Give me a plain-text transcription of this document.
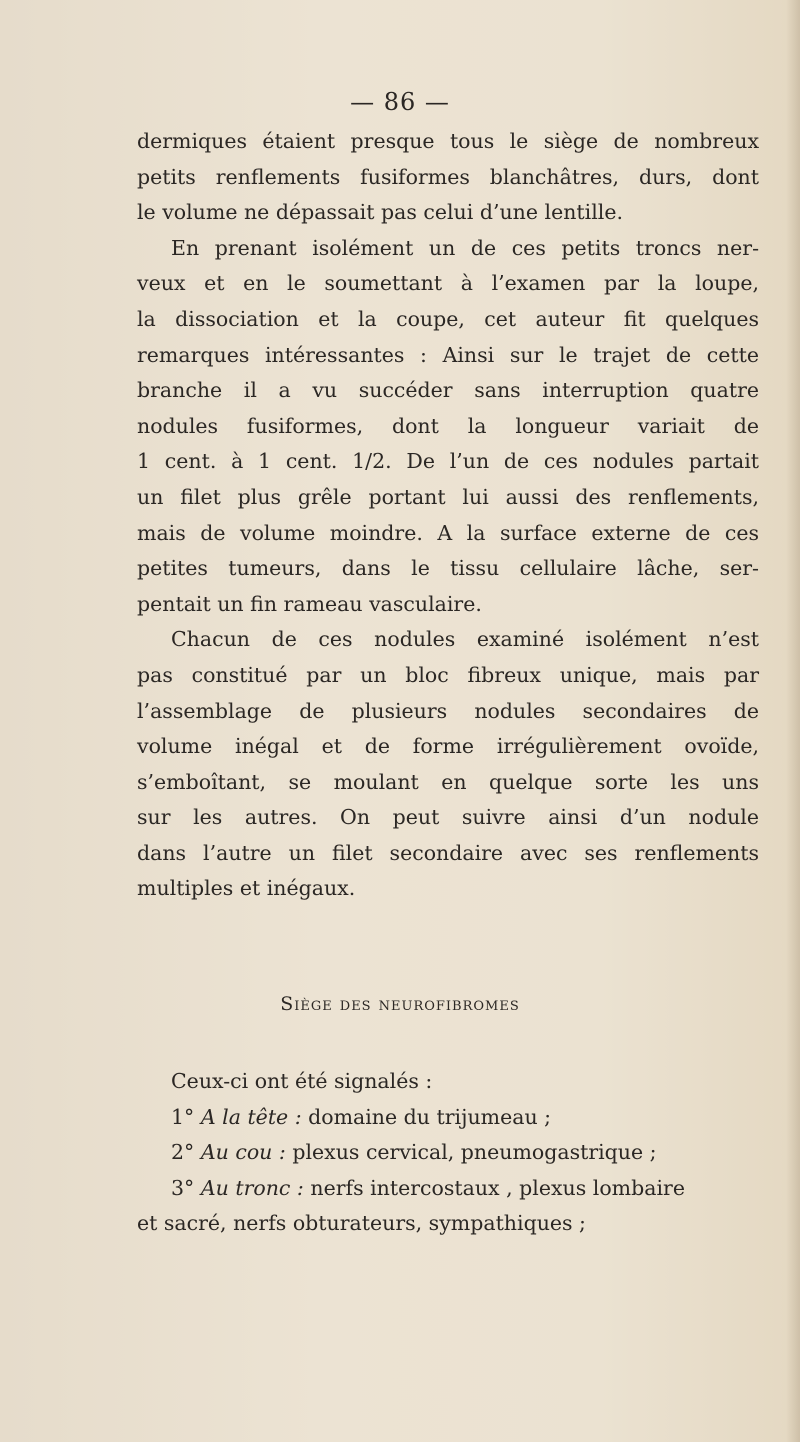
— 86 —
dermiques étaient presque tous le siège de nombreux
petits renflements fusiformes blanchâtres, durs, dont
le volume ne dépassait pas celui d’une lentille.
En prenant isolément un de ces petits troncs ner-
veux et en le soumettant à l’examen par la loupe,
la dissociation et la coupe, cet auteur fit quelques
remarques intéressantes : Ainsi sur le trajet de cette
branche il a vu succéder sans interruption quatre
nodules fusiformes, dont la longueur variait de
1 cent. à 1 cent. 1/2. De l’un de ces nodules partait
un filet plus grêle portant lui aussi des renflements,
mais de volume moindre. A la surface externe de ces
petites tumeurs, dans le tissu cellulaire lâche, ser-
pentait un fin rameau vasculaire.
Chacun de ces nodules examiné isolément n’est
pas constitué par un bloc fibreux unique, mais par
l’assemblage de plusieurs nodules secondaires de
volume inégal et de forme irrégulièrement ovoïde,
s’emboîtant, se moulant en quelque sorte les uns
sur les autres. On peut suivre ainsi d’un nodule
dans l’autre un filet secondaire avec ses renflements
multiples et inégaux.
Siège des neurofibromes
Ceux-ci ont été signalés :
1° A la tête : domaine du trijumeau ;
2° Au cou : plexus cervical, pneumogastrique ;
3° Au tronc : nerfs intercostaux , plexus lombaire
et sacré, nerfs obturateurs, sympathiques ;
